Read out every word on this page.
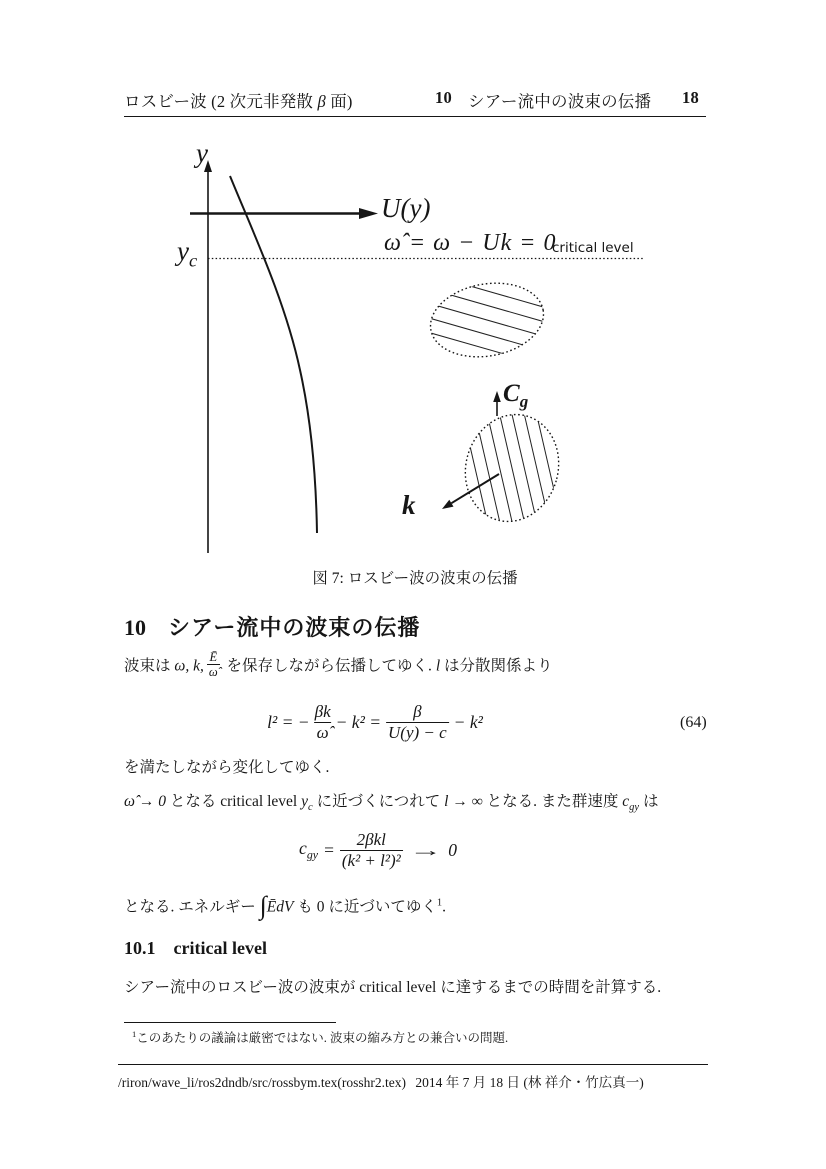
ロスビー波 (2 次元非発散 β 面)	10 シアー流中の波束の伝播 18
y
U(y)
$y_c$
ω̂ = ω − Uk = 0
critical level
$C_g$
k
図 7: ロスビー波の波束の伝播
10 シアー流中の波束の伝播
波束は ω, k, $\frac{Ē}{\omegâ}$ を保存しながら伝播してゆく. l は分散関係より
l² = − $\frac{\beta k}{\omegâ} - k^2 = \frac{\beta}{U(y) - c} - k^2$	(64)
を満たしながら変化してゆく.
ω̂ → 0 となる critical level $y_c$ に近づくにつれて l → ∞ となる. また群速度 $c_{gy}$ は
$c_{gy} = \frac{\text{2βkl}}{\text{(k² + l²)²}} \to 0$
となる. エネルギー ∫ĒdV も 0 に近づいてゆく$^1$.
10.1 critical level
シアー流中のロスビー波の波束が critical level に達するまでの時間を計算する.
$^1$このあたりの議論は厳密ではない. 波束の縮み方との兼合いの問題.
/riron/wave_li/ros2dndb/src/rossbym.tex(rosshr2.tex) 2014 年 7 月 18 日 (林 祥介・竹広真一)
